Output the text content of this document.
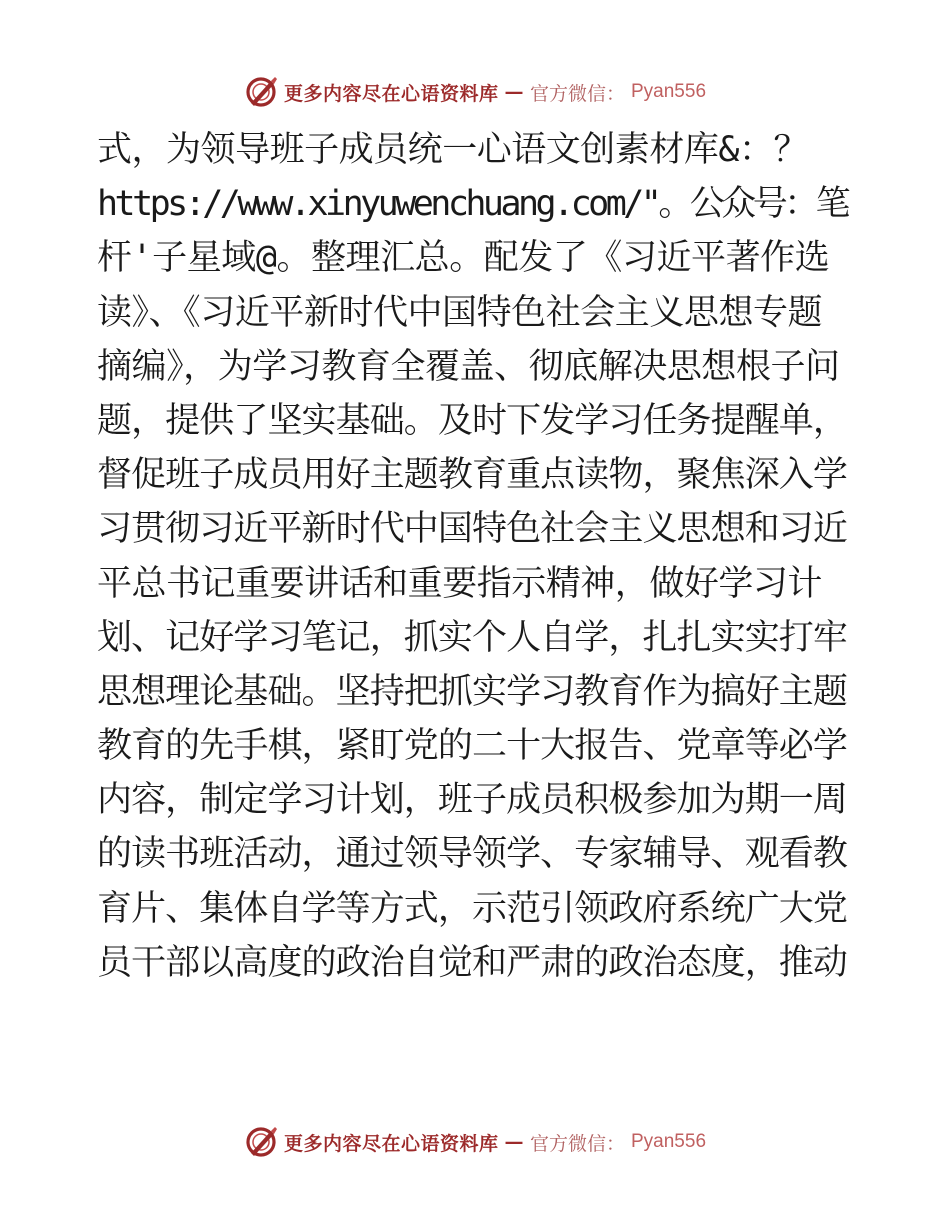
更多内容尽在心语资料库 — 官方微信： Pyan556
式，为领导班子成员统一心语文创素材库&：？
https://www.xinyuwenchuang.com/"。公众号：笔
杆'子星域@。整理汇总。配发了《习近平著作选
读》、《习近平新时代中国特色社会主义思想专题
摘编》，为学习教育全覆盖、彻底解决思想根子问
题，提供了坚实基础。及时下发学习任务提醒单，
督促班子成员用好主题教育重点读物，聚焦深入学
习贯彻习近平新时代中国特色社会主义思想和习近
平总书记重要讲话和重要指示精神，做好学习计
划、记好学习笔记，抓实个人自学，扎扎实实打牢
思想理论基础。坚持把抓实学习教育作为搞好主题
教育的先手棋，紧盯党的二十大报告、党章等必学
内容，制定学习计划，班子成员积极参加为期一周
的读书班活动，通过领导领学、专家辅导、观看教
育片、集体自学等方式，示范引领政府系统广大党
员干部以高度的政治自觉和严肃的政治态度，推动
更多内容尽在心语资料库 — 官方微信： Pyan556
